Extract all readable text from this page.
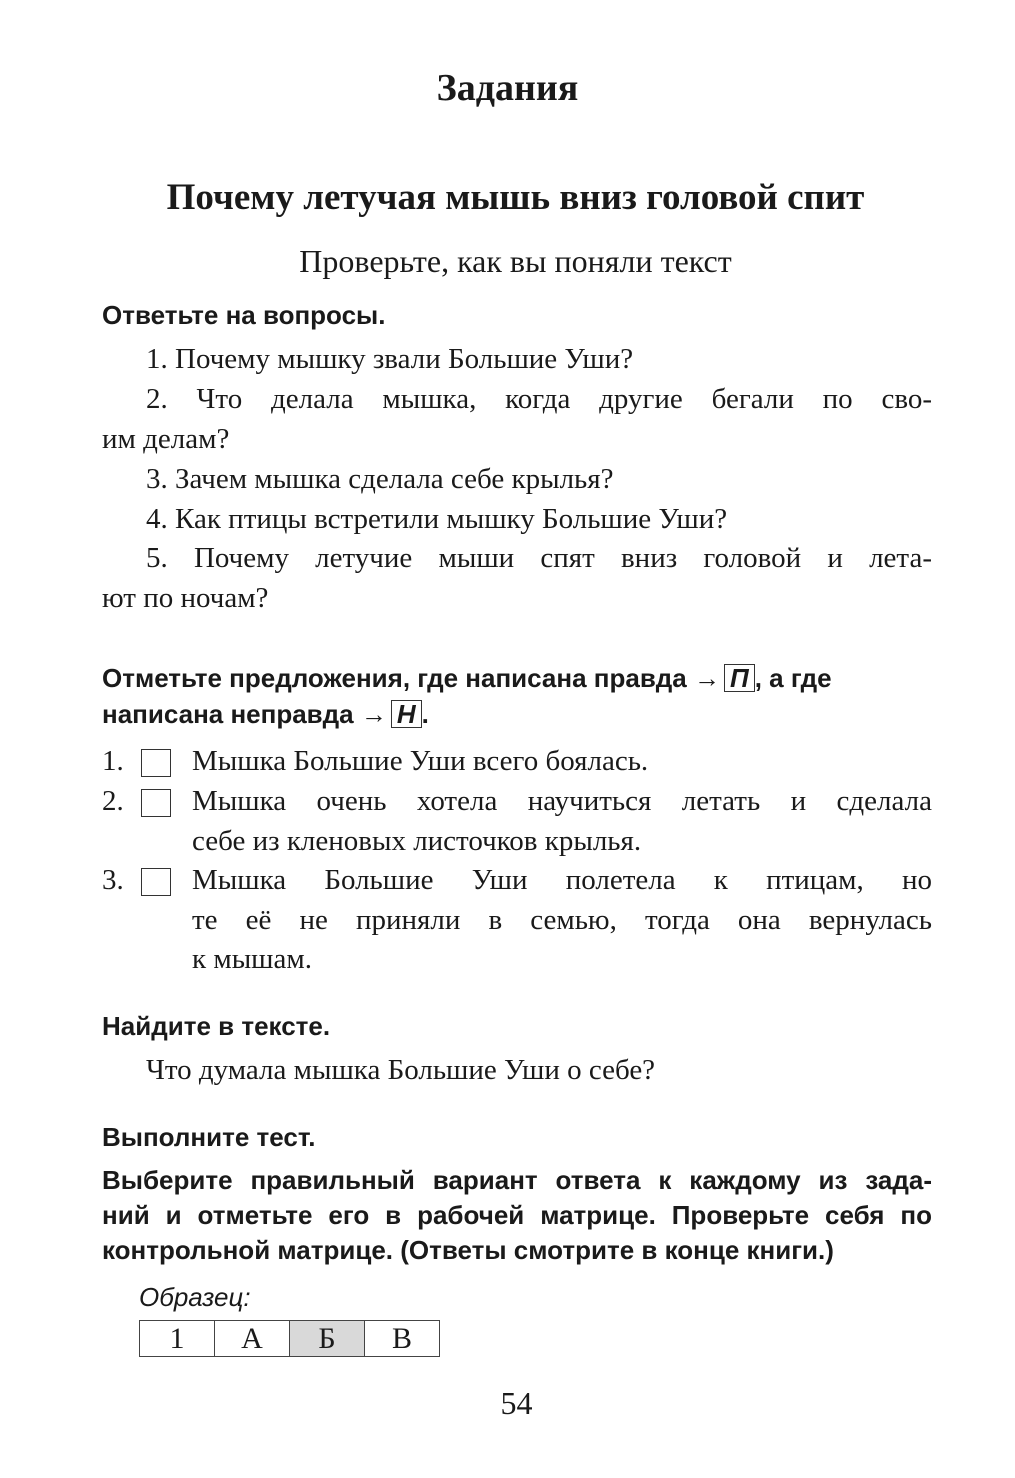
Задания
Почему летучая мышь вниз головой спит
Проверьте, как вы поняли текст
Ответьте на вопросы.
1. Почему мышку звали Большие Уши?
2. Что делала мышка, когда другие бегали по сво-
им делам?
3. Зачем мышка сделала себе крылья?
4. Как птицы встретили мышку Большие Уши?
5. Почему летучие мыши спят вниз головой и лета-
ют по ночам?
Отметьте предложения, где написана правда → П , а где
написана неправда → Н .
1. Мышка Большие Уши всего боялась.
2. Мышка очень хотела научиться летать и сделала
себе из кленовых листочков крылья.
3. Мышка Большие Уши полетела к птицам, но
те её не приняли в семью, тогда она вернулась
к мышам.
Найдите в тексте.
Что думала мышка Большие Уши о себе?
Выполните тест.
Выберите правильный вариант ответа к каждому из зада-
ний и отметьте его в рабочей матрице. Проверьте себя по
контрольной матрице. (Ответы смотрите в конце книги.)
Образец:
1	А	Б	В
54
